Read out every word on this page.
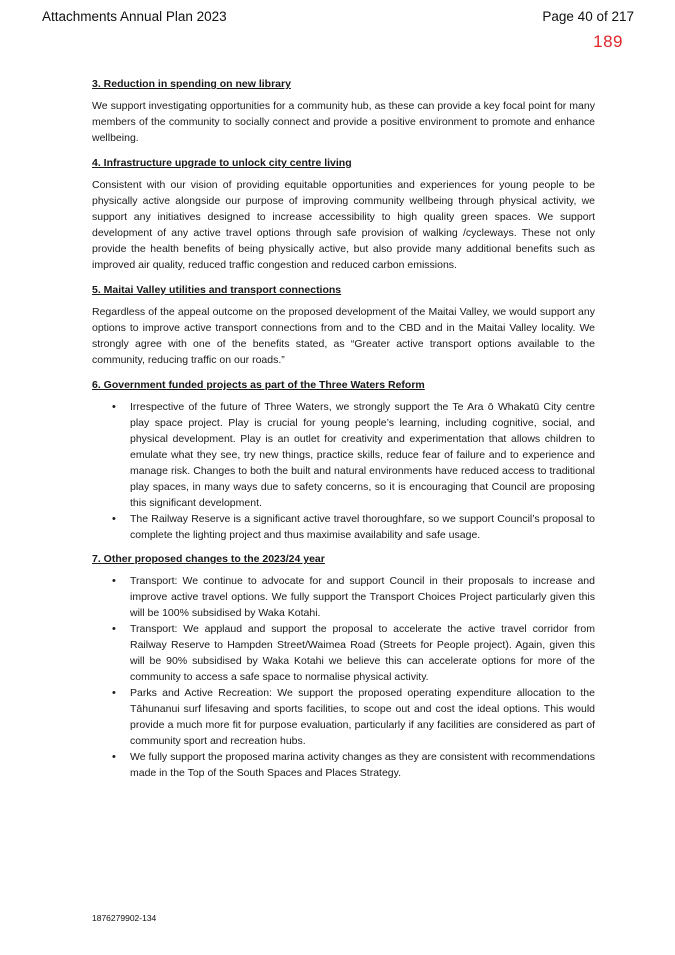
Attachments Annual Plan 2023	Page 40 of 217
189
3. Reduction in spending on new library

We support investigating opportunities for a community hub, as these can provide a key focal point for many members of the community to socially connect and provide a positive environment to promote and enhance wellbeing.

4. Infrastructure upgrade to unlock city centre living

Consistent with our vision of providing equitable opportunities and experiences for young people to be physically active alongside our purpose of improving community wellbeing through physical activity, we support any initiatives designed to increase accessibility to high quality green spaces. We support development of any active travel options through safe provision of walking /cycleways. These not only provide the health benefits of being physically active, but also provide many additional benefits such as improved air quality, reduced traffic congestion and reduced carbon emissions.

5. Maitai Valley utilities and transport connections

Regardless of the appeal outcome on the proposed development of the Maitai Valley, we would support any options to improve active transport connections from and to the CBD and in the Maitai Valley locality. We strongly agree with one of the benefits stated, as “Greater active transport options available to the community, reducing traffic on our roads.”

6. Government funded projects as part of the Three Waters Reform
• Irrespective of the future of Three Waters, we strongly support the Te Ara ō Whakatū City centre play space project. Play is crucial for young people’s learning, including cognitive, social, and physical development. Play is an outlet for creativity and experimentation that allows children to emulate what they see, try new things, practice skills, reduce fear of failure and to experience and manage risk. Changes to both the built and natural environments have reduced access to traditional play spaces, in many ways due to safety concerns, so it is encouraging that Council are proposing this significant development.
• The Railway Reserve is a significant active travel thoroughfare, so we support Council’s proposal to complete the lighting project and thus maximise availability and safe usage.
7. Other proposed changes to the 2023/24 year
• Transport: We continue to advocate for and support Council in their proposals to increase and improve active travel options. We fully support the Transport Choices Project particularly given this will be 100% subsidised by Waka Kotahi.
• Transport: We applaud and support the proposal to accelerate the active travel corridor from Railway Reserve to Hampden Street/Waimea Road (Streets for People project). Again, given this will be 90% subsidised by Waka Kotahi we believe this can accelerate options for more of the community to access a safe space to normalise physical activity.
• Parks and Active Recreation: We support the proposed operating expenditure allocation to the Tāhunanui surf lifesaving and sports facilities, to scope out and cost the ideal options. This would provide a much more fit for purpose evaluation, particularly if any facilities are considered as part of community sport and recreation hubs.
• We fully support the proposed marina activity changes as they are consistent with recommendations made in the Top of the South Spaces and Places Strategy.
1876279902-134
